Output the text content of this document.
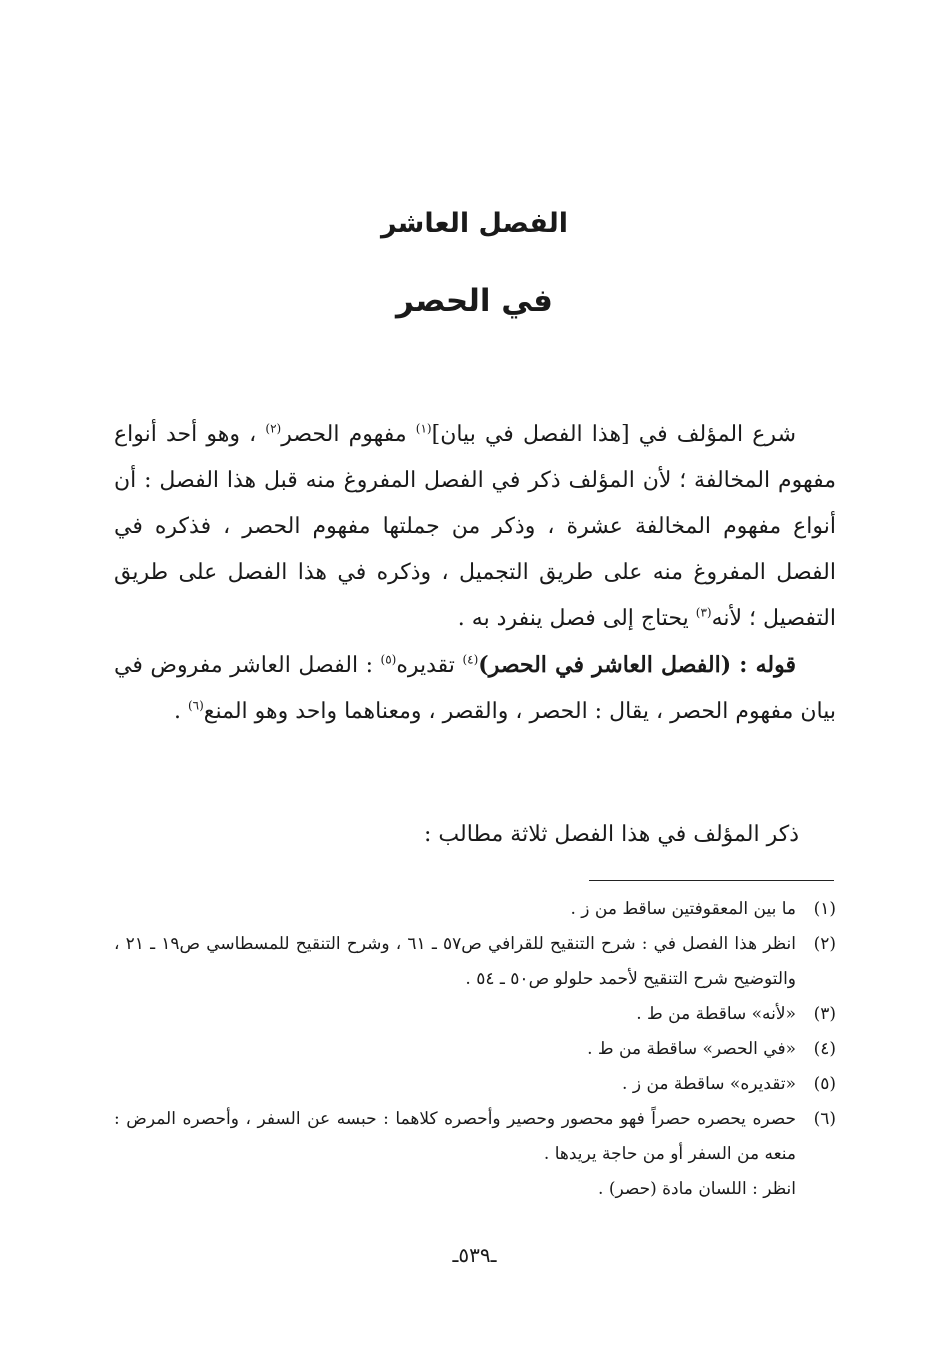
الفصل العاشر
في الحصر

شرع المؤلف في [هذا الفصل في بيان]$^{(١)}$ مفهوم الحصر$^{(٢)}$ ، وهو أحد أنواع مفهوم المخالفة ؛ لأن المؤلف ذكر في الفصل المفروغ منه قبل هذا الفصل : أن أنواع مفهوم المخالفة عشرة ، وذكر من جملتها مفهوم الحصر ، فذكره في الفصل المفروغ منه على طريق التجميل ، وذكره في هذا الفصل على طريق التفصيل ؛ لأنه$^{(٣)}$ يحتاج إلى فصل ينفرد به .

قوله : (الفصل العاشر في الحصر)$^{(٤)}$ تقديره$^{(٥)}$ : الفصل العاشر مفروض في بيان مفهوم الحصر ، يقال : الحصر ، والقصر ، ومعناهما واحد وهو المنع$^{(٦)}$ .

ذكر المؤلف في هذا الفصل ثلاثة مطالب :
(١)
ما بين المعقوفتين ساقط من ز .
(٢)
انظر هذا الفصل في : شرح التنقيح للقرافي ص٥٧ ـ ٦١ ، وشرح التنقيح للمسطاسي ص١٩ ـ ٢١ ، والتوضيح شرح التنقيح لأحمد حلولو ص٥٠ ـ ٥٤ .
(٣)
«لأنه» ساقطة من ط .
(٤)
«في الحصر» ساقطة من ط .
(٥)
«تقديره» ساقطة من ز .
(٦)
حصره يحصره حصراً فهو محصور وحصير وأحصره كلاهما : حبسه عن السفر ، وأحصره المرض : منعه من السفر أو من حاجة يريدها .
انظر : اللسان مادة (حصر) .
ـ٥٣٩ـ
